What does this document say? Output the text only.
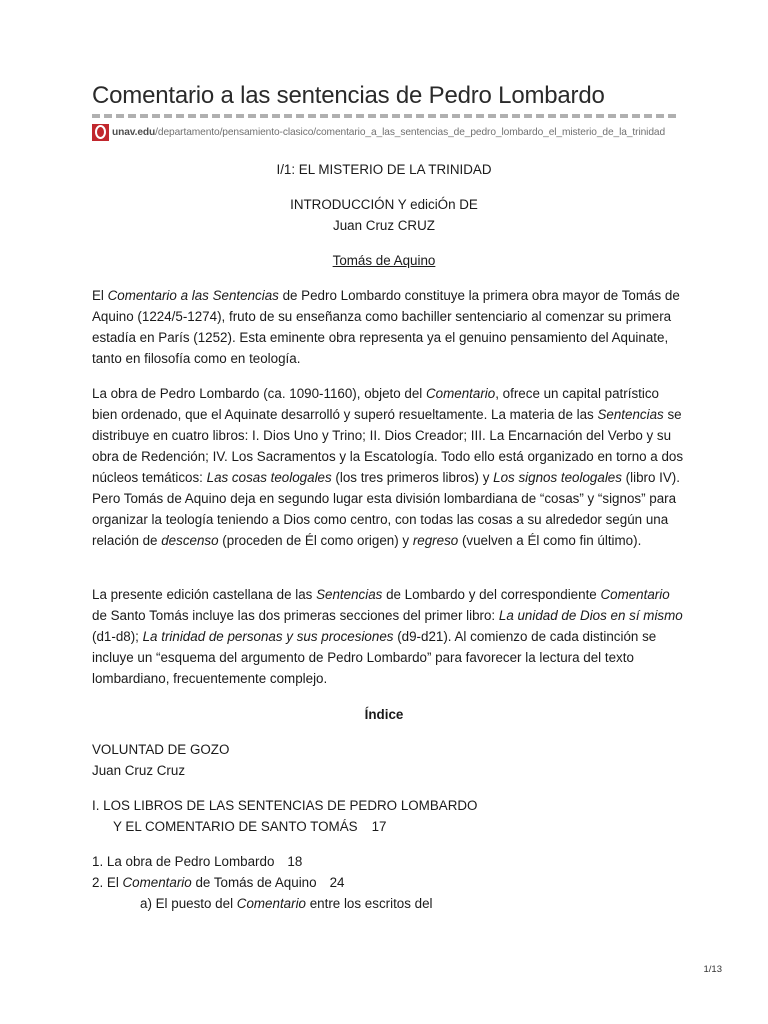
Comentario a las sentencias de Pedro Lombardo
unav.edu/departamento/pensamiento-clasico/comentario_a_las_sentencias_de_pedro_lombardo_el_misterio_de_la_trinidad
I/1: EL MISTERIO DE LA TRINIDAD
INTRODUCCIÓN Y ediciÓn DE
Juan Cruz CRUZ
Tomás de Aquino

El Comentario a las Sentencias de Pedro Lombardo constituye la primera obra mayor de Tomás de Aquino (1224/5-1274), fruto de su enseñanza como bachiller sentenciario al comenzar su primera estadía en París (1252). Esta eminente obra representa ya el genuino pensamiento del Aquinate, tanto en filosofía como en teología.

La obra de Pedro Lombardo (ca. 1090-1160), objeto del Comentario, ofrece un capital patrístico bien ordenado, que el Aquinate desarrolló y superó resueltamente. La materia de las Sentencias se distribuye en cuatro libros: I. Dios Uno y Trino; II. Dios Creador; III. La Encarnación del Verbo y su obra de Redención; IV. Los Sacramentos y la Escatología. Todo ello está organizado en torno a dos núcleos temáticos: Las cosas teologales (los tres primeros libros) y Los signos teologales (libro IV). Pero Tomás de Aquino deja en segundo lugar esta división lombardiana de “cosas” y “signos” para organizar la teología teniendo a Dios como centro, con todas las cosas a su alrededor según una relación de descenso (proceden de Él como origen) y regreso (vuelven a Él como fin último).

La presente edición castellana de las Sentencias de Lombardo y del correspondiente Comentario de Santo Tomás incluye las dos primeras secciones del primer libro: La unidad de Dios en sí mismo (d1-d8); La trinidad de personas y sus procesiones (d9-d21). Al comienzo de cada distinción se incluye un “esquema del argumento de Pedro Lombardo” para favorecer la lectura del texto lombardiano, frecuentemente complejo.

Índice
VOLUNTAD DE GOZO
Juan Cruz Cruz
I. LOS LIBROS DE LAS SENTENCIAS DE PEDRO LOMBARDO
Y EL COMENTARIO DE SANTO TOMÁS 17
1. La obra de Pedro Lombardo 18
2. El Comentario de Tomás de Aquino 24
a) El puesto del Comentario entre los escritos del
1/13
